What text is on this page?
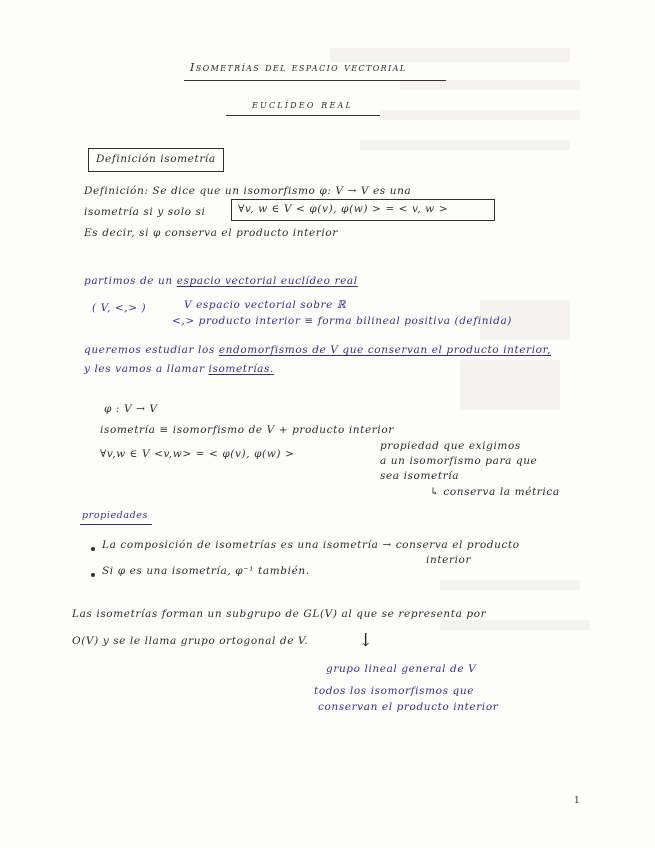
Isometrías del espacio vectorial
euclídeo real
Definición isometría
Definición: Se dice que un isomorfismo φ: V → V es una
isometría si y solo si	∀v, w ∈ V < φ(v), φ(w) > = < v, w >
Es decir, si φ conserva el producto interior
partimos de un espacio vectorial euclídeo real
( V, <,> )	V espacio vectorial sobre ℝ
<,> producto interior ≡ forma bilineal positiva (definida)
queremos estudiar los endomorfismos de V que conservan el producto interior,
y les vamos a llamar isometrías.
φ : V → V
isometría ≡ isomorfismo de V + producto interior
∀v,w ∈ V <v,w> = < φ(v), φ(w) >
propiedad que exigimos
a un isomorfismo para que
sea isometría
↳ conserva la métrica
propiedades
La composición de isometrías es una isometría → conserva el producto
interior
Si φ es una isometría, φ⁻¹ también.
Las isometrías forman un subgrupo de GL(V) al que se representa por
O(V) y se le llama grupo ortogonal de V.	↓
grupo lineal general de V
todos los isomorfismos que
conservan el producto interior
1
